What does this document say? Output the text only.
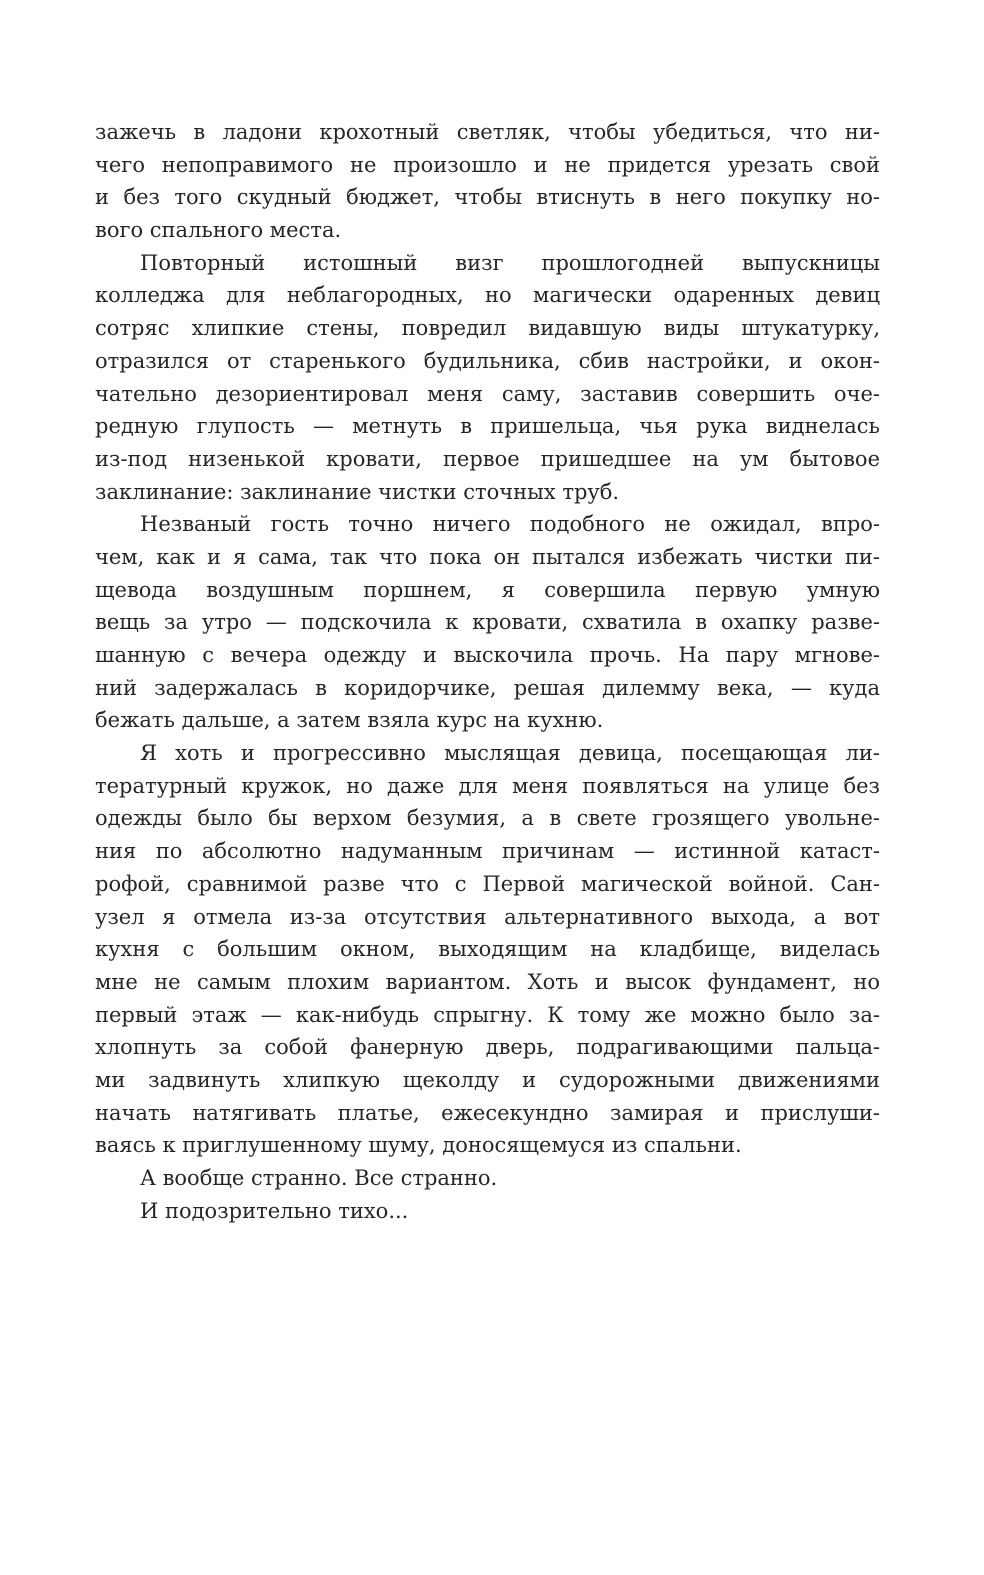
зажечь в ладони крохотный светляк, чтобы убедиться, что ни-
чего непоправимого не произошло и не придется урезать свой
и без того скудный бюджет, чтобы втиснуть в него покупку но-
вого спального места.
Повторный истошный визг прошлогодней выпускницы
колледжа для неблагородных, но магически одаренных девиц
сотряс хлипкие стены, повредил видавшую виды штукатурку,
отразился от старенького будильника, сбив настройки, и окон-
чательно дезориентировал меня саму, заставив совершить оче-
редную глупость — метнуть в пришельца, чья рука виднелась
из-под низенькой кровати, первое пришедшее на ум бытовое
заклинание: заклинание чистки сточных труб.
Незваный гость точно ничего подобного не ожидал, впро-
чем, как и я сама, так что пока он пытался избежать чистки пи-
щевода воздушным поршнем, я совершила первую умную
вещь за утро — подскочила к кровати, схватила в охапку разве-
шанную с вечера одежду и выскочила прочь. На пару мгнове-
ний задержалась в коридорчике, решая дилемму века, — куда
бежать дальше, а затем взяла курс на кухню.
Я хоть и прогрессивно мыслящая девица, посещающая ли-
тературный кружок, но даже для меня появляться на улице без
одежды было бы верхом безумия, а в свете грозящего увольне-
ния по абсолютно надуманным причинам — истинной катаст-
рофой, сравнимой разве что с Первой магической войной. Сан-
узел я отмела из-за отсутствия альтернативного выхода, а вот
кухня с большим окном, выходящим на кладбище, виделась
мне не самым плохим вариантом. Хоть и высок фундамент, но
первый этаж — как-нибудь спрыгну. К тому же можно было за-
хлопнуть за собой фанерную дверь, подрагивающими пальца-
ми задвинуть хлипкую щеколду и судорожными движениями
начать натягивать платье, ежесекундно замирая и прислуши-
ваясь к приглушенному шуму, доносящемуся из спальни.
А вообще странно. Все странно.
И подозрительно тихо...
